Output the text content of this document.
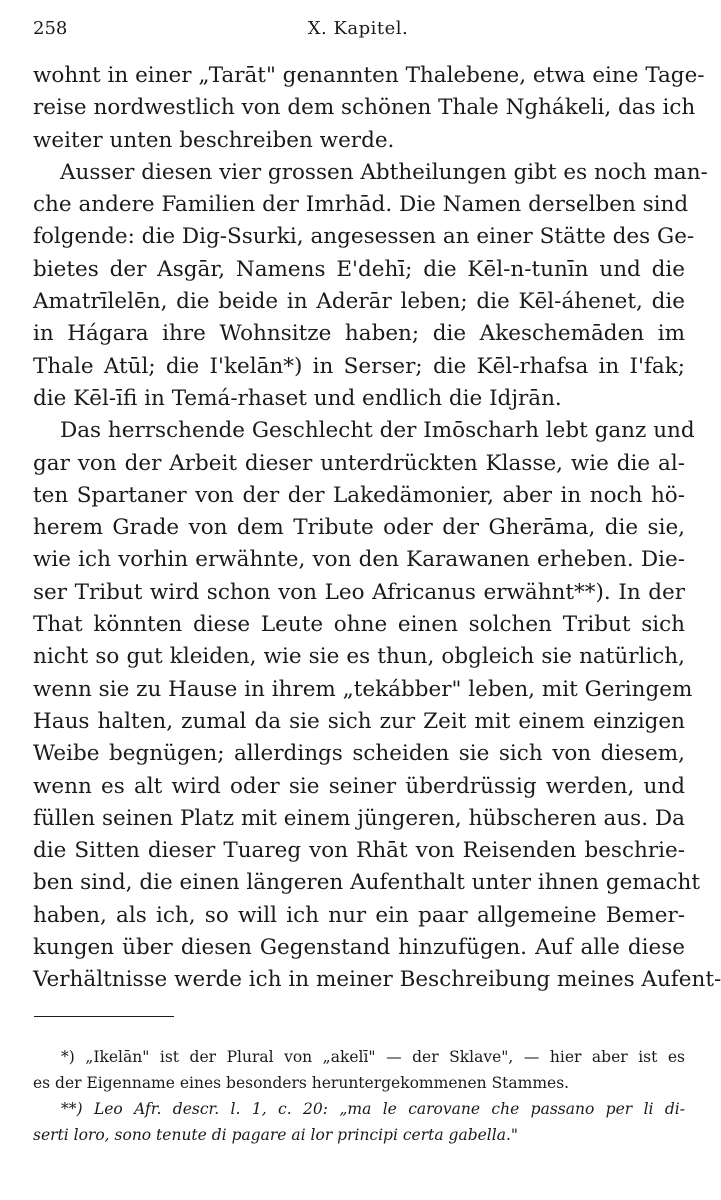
258	X. Kapitel.

wohnt in einer „Tarāt" genannten Thalebene, etwa eine Tage-
reise nordwestlich von dem schönen Thale Nghákeli, das ich
weiter unten beschreiben werde.

Ausser diesen vier grossen Abtheilungen gibt es noch man-
che andere Familien der Imrhād. Die Namen derselben sind
folgende: die Dig-Ssurki, angesessen an einer Stätte des Ge-
bietes der Asgār, Namens E'dehī; die Kēl-n-tunīn und die
Amatrīlelēn, die beide in Aderār leben; die Kēl-áhenet, die
in Hágara ihre Wohnsitze haben; die Akeschemāden im
Thale Atūl; die I'kelān*) in Serser; die Kēl-rhafsa in I'fak;
die Kēl-īfi in Temá-rhaset und endlich die Idjrān.

Das herrschende Geschlecht der Imōscharh lebt ganz und
gar von der Arbeit dieser unterdrückten Klasse, wie die al-
ten Spartaner von der der Lakedämonier, aber in noch hö-
herem Grade von dem Tribute oder der Gherāma, die sie,
wie ich vorhin erwähnte, von den Karawanen erheben. Die-
ser Tribut wird schon von Leo Africanus erwähnt**). In der
That könnten diese Leute ohne einen solchen Tribut sich
nicht so gut kleiden, wie sie es thun, obgleich sie natürlich,
wenn sie zu Hause in ihrem „tekábber" leben, mit Geringem
Haus halten, zumal da sie sich zur Zeit mit einem einzigen
Weibe begnügen; allerdings scheiden sie sich von diesem,
wenn es alt wird oder sie seiner überdrüssig werden, und
füllen seinen Platz mit einem jüngeren, hübscheren aus. Da
die Sitten dieser Tuareg von Rhāt von Reisenden beschrie-
ben sind, die einen längeren Aufenthalt unter ihnen gemacht
haben, als ich, so will ich nur ein paar allgemeine Bemer-
kungen über diesen Gegenstand hinzufügen. Auf alle diese
Verhältnisse werde ich in meiner Beschreibung meines Aufent-

*) „Ikelān" ist der Plural von „akelī" — der Sklave", — hier aber ist es
es der Eigenname eines besonders heruntergekommenen Stammes.

**) Leo Afr. descr. l. 1, c. 20: „ma le carovane che passano per li di-
serti loro, sono tenute di pagare ai lor principi certa gabella."
